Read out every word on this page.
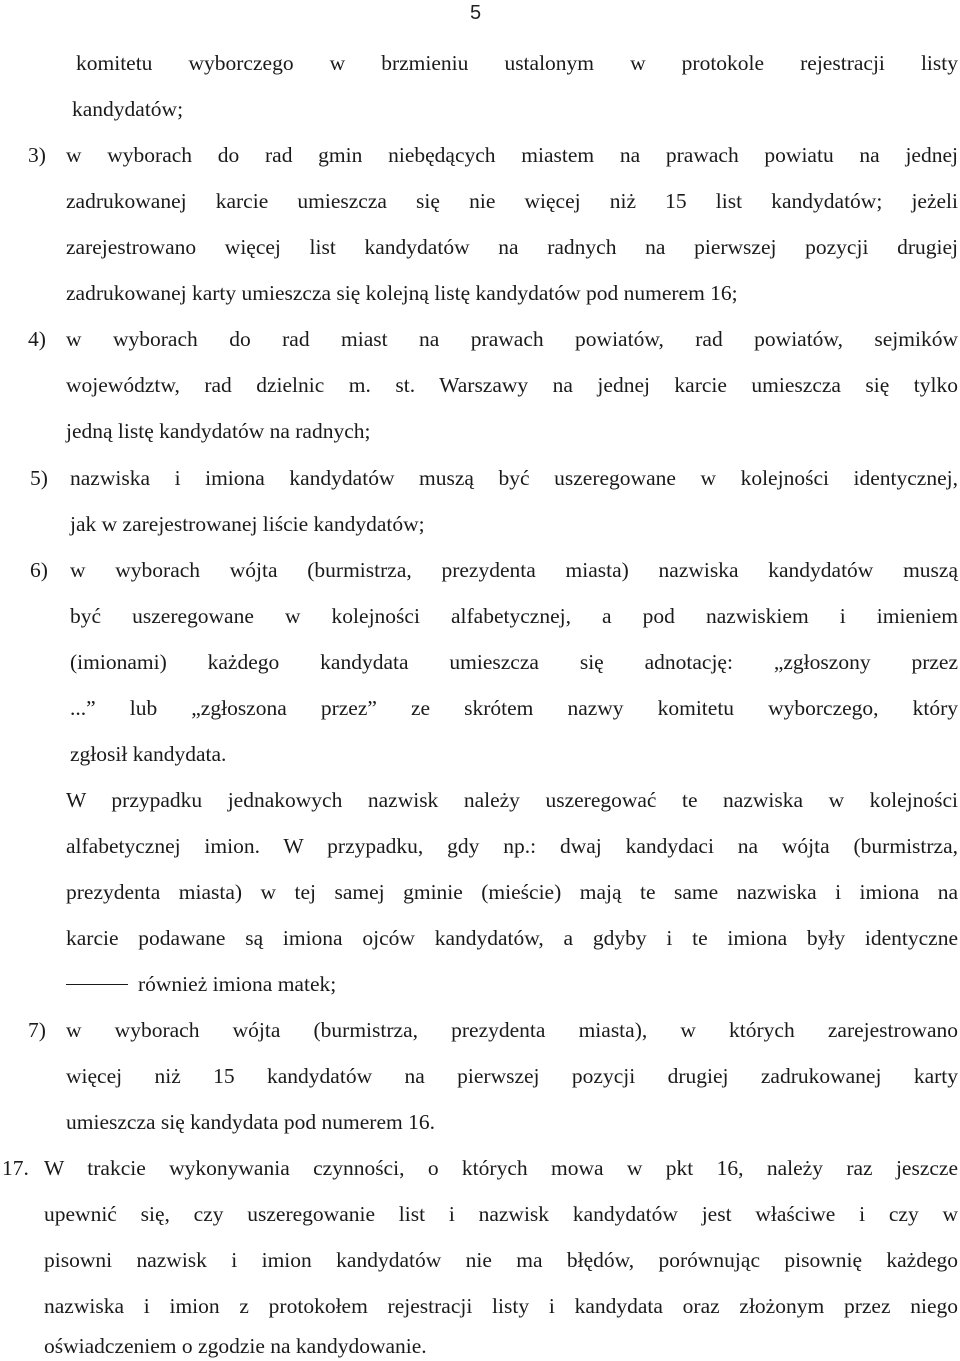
5
komitetu wyborczego w brzmieniu ustalonym w protokole rejestracji listy
kandydatów;
3) w wyborach do rad gmin niebędących miastem na prawach powiatu na jednej
zadrukowanej karcie umieszcza się nie więcej niż 15 list kandydatów; jeżeli
zarejestrowano więcej list kandydatów na radnych na pierwszej pozycji drugiej
zadrukowanej karty umieszcza się kolejną listę kandydatów pod numerem 16;
4) w wyborach do rad miast na prawach powiatów, rad powiatów, sejmików
województw, rad dzielnic m. st. Warszawy na jednej karcie umieszcza się tylko
jedną listę kandydatów na radnych;
5) nazwiska i imiona kandydatów muszą być uszeregowane w kolejności identycznej,
jak w zarejestrowanej liście kandydatów;
6) w wyborach wójta (burmistrza, prezydenta miasta) nazwiska kandydatów muszą
być uszeregowane w kolejności alfabetycznej, a pod nazwiskiem i imieniem
(imionami) każdego kandydata umieszcza się adnotację: „zgłoszony przez
...” lub „zgłoszona przez” ze skrótem nazwy komitetu wyborczego, który
zgłosił kandydata.
W przypadku jednakowych nazwisk należy uszeregować te nazwiska w kolejności
alfabetycznej imion. W przypadku, gdy np.: dwaj kandydaci na wójta (burmistrza,
prezydenta miasta) w tej samej gminie (mieście) mają te same nazwiska i imiona na
karcie podawane są imiona ojców kandydatów, a gdyby i te imiona były identyczne
również imiona matek;
7) w wyborach wójta (burmistrza, prezydenta miasta), w których zarejestrowano
więcej niż 15 kandydatów na pierwszej pozycji drugiej zadrukowanej karty
umieszcza się kandydata pod numerem 16.
17. W trakcie wykonywania czynności, o których mowa w pkt 16, należy raz jeszcze
upewnić się, czy uszeregowanie list i nazwisk kandydatów jest właściwe i czy w
pisowni nazwisk i imion kandydatów nie ma błędów, porównując pisownię każdego
nazwiska i imion z protokołem rejestracji listy i kandydata oraz złożonym przez niego
oświadczeniem o zgodzie na kandydowanie.
